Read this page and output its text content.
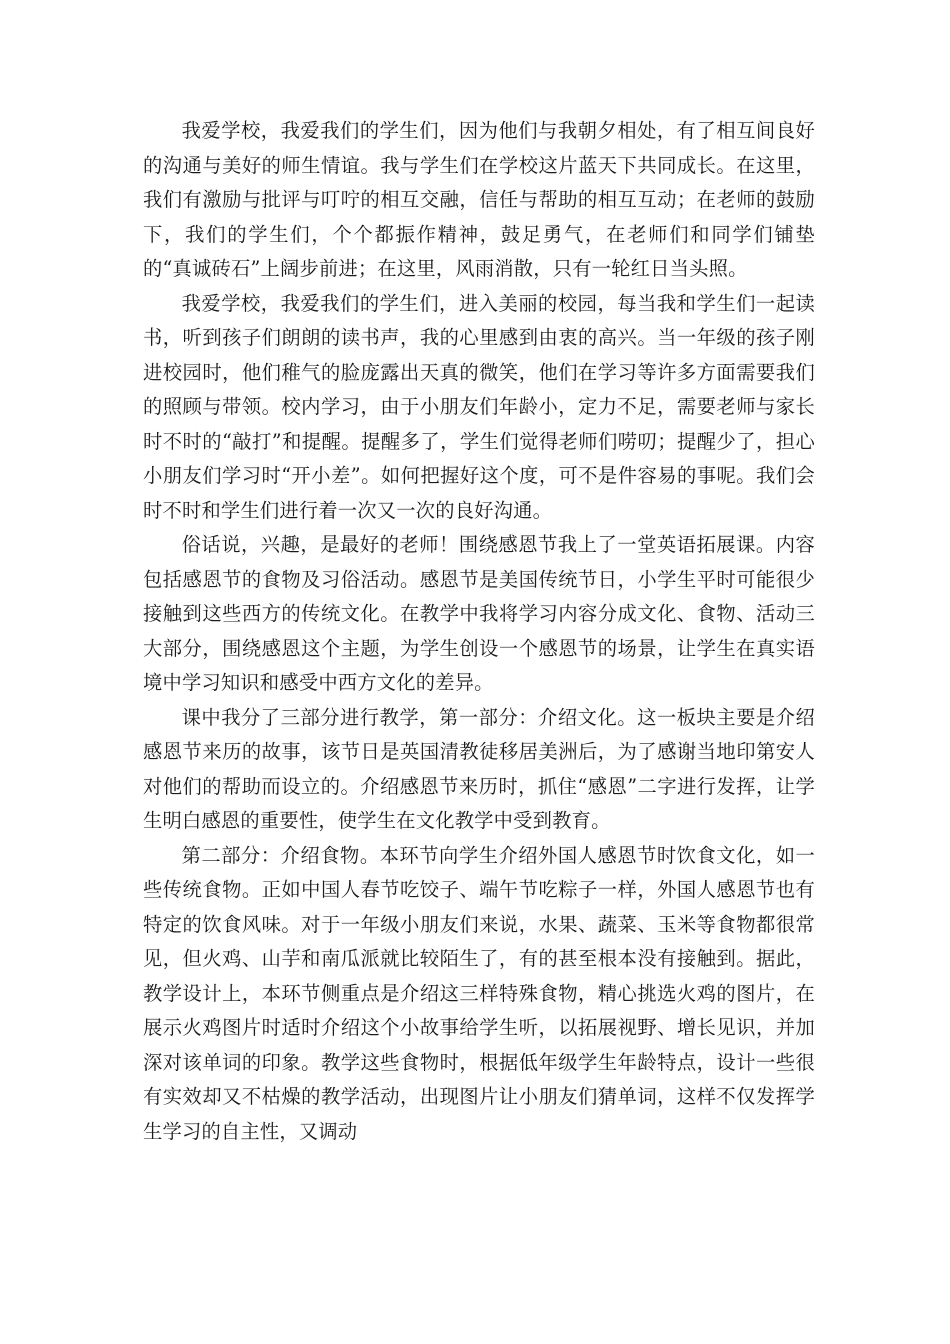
我爱学校，我爱我们的学生们，因为他们与我朝夕相处，有了相互间良好的沟通与美好的师生情谊。我与学生们在学校这片蓝天下共同成长。在这里，我们有激励与批评与叮咛的相互交融，信任与帮助的相互互动；在老师的鼓励下，我们的学生们，个个都振作精神，鼓足勇气，在老师们和同学们铺垫的“真诚砖石”上阔步前进；在这里，风雨消散，只有一轮红日当头照。

我爱学校，我爱我们的学生们，进入美丽的校园，每当我和学生们一起读书，听到孩子们朗朗的读书声，我的心里感到由衷的高兴。当一年级的孩子刚进校园时，他们稚气的脸庞露出天真的微笑，他们在学习等许多方面需要我们的照顾与带领。校内学习，由于小朋友们年龄小，定力不足，需要老师与家长时不时的“敲打”和提醒。提醒多了，学生们觉得老师们唠叨；提醒少了，担心小朋友们学习时“开小差”。如何把握好这个度，可不是件容易的事呢。我们会时不时和学生们进行着一次又一次的良好沟通。

俗话说，兴趣，是最好的老师！围绕感恩节我上了一堂英语拓展课。内容包括感恩节的食物及习俗活动。感恩节是美国传统节日，小学生平时可能很少接触到这些西方的传统文化。在教学中我将学习内容分成文化、食物、活动三大部分，围绕感恩这个主题，为学生创设一个感恩节的场景，让学生在真实语境中学习知识和感受中西方文化的差异。

课中我分了三部分进行教学，第一部分：介绍文化。这一板块主要是介绍感恩节来历的故事，该节日是英国清教徒移居美洲后，为了感谢当地印第安人对他们的帮助而设立的。介绍感恩节来历时，抓住“感恩”二字进行发挥，让学生明白感恩的重要性，使学生在文化教学中受到教育。

第二部分：介绍食物。本环节向学生介绍外国人感恩节时饮食文化，如一些传统食物。正如中国人春节吃饺子、端午节吃粽子一样，外国人感恩节也有特定的饮食风味。对于一年级小朋友们来说，水果、蔬菜、玉米等食物都很常见，但火鸡、山芋和南瓜派就比较陌生了，有的甚至根本没有接触到。据此，教学设计上，本环节侧重点是介绍这三样特殊食物，精心挑选火鸡的图片，在展示火鸡图片时适时介绍这个小故事给学生听，以拓展视野、增长见识，并加深对该单词的印象。教学这些食物时，根据低年级学生年龄特点，设计一些很有实效却又不枯燥的教学活动，出现图片让小朋友们猜单词，这样不仅发挥学生学习的自主性，又调动
